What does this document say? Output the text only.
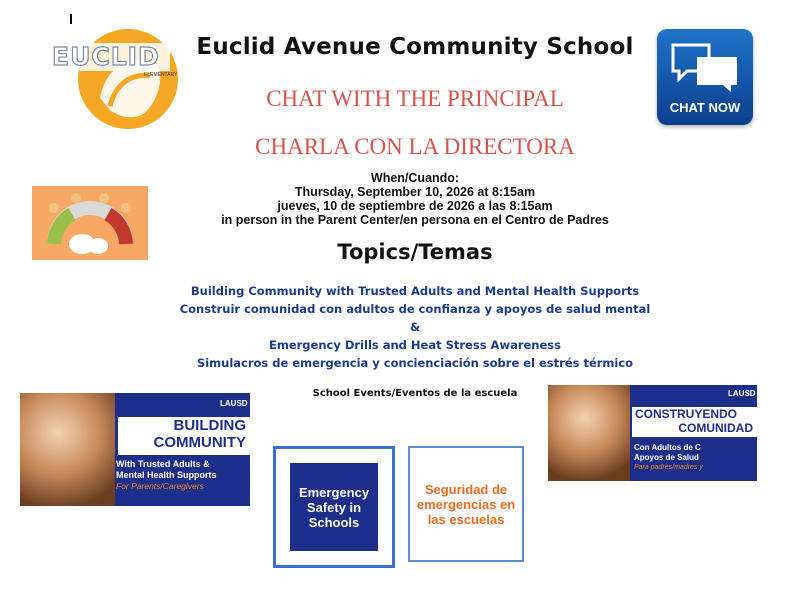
EUCLID
ELEMENTARY
Euclid Avenue Community School
CHAT WITH THE PRINCIPAL
CHARLA CON LA DIRECTORA
CHAT NOW
When/Cuando:
Thursday, September 10, 2026 at 8:15am
jueves, 10 de septiembre de 2026 a las 8:15am
in person in the Parent Center/en persona en el Centro de Padres
Topics/Temas
Building Community with Trusted Adults and Mental Health Supports
Construir comunidad con adultos de confianza y apoyos de salud mental
&
Emergency Drills and Heat Stress Awareness
Simulacros de emergencia y concienciación sobre el estrés térmico
School Events/Eventos de la escuela
LAUSD
BUILDING
COMMUNITY
With Trusted Adults &
Mental Health Supports
For Parents/Caregivers
LAUSD
CONSTRUYENDO
COMUNIDAD
Con Adultos de C
Apoyos de Salud
Para padres/madres y
Emergency Safety in Schools
Seguridad de emergencias en las escuelas
